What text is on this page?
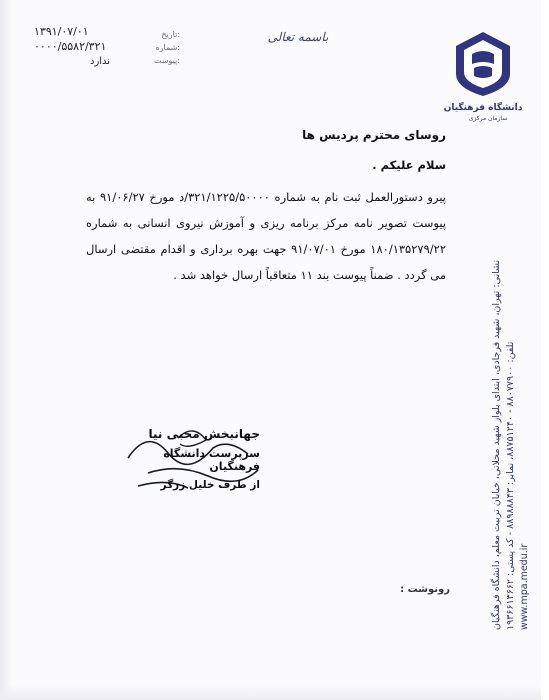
تاریخ:
شماره:
پیوست:
۱۳۹۱/۰۷/۰۱
۰۰۰۰/۵۵۸۲/۳۲۱
ندارد
باسمه تعالی
دانشگاه فرهنگیان
سازمان مرکزی
نشانی: تهران، شهید فرجادی، ابتدای بلوار شهید محلاتی، خیابان تربیت معلم، دانشگاه فرهنگیان تلفن: ۸۸۰۷۷۹۰۰ - ۸۸۷۵۱۲۴۰، نمابر: ۸۸۹۸۸۸۴۳ - کد پستی: ۱۹۳۶۶۱۳۶۶۲
www.mpa.medu.ir

روسای محترم پردیس ها

سلام علیکم .

پیرو دستورالعمل ثبت نام به شماره ۳۲۱/۱۲۲۵/۵۰۰۰۰/د مورخ ۹۱/۰۶/۲۷ به پیوست تصویر نامه مرکز برنامه ریزی و آموزش نیروی انسانی به شماره ۱۸۰/۱۳۵۲۷۹/۲۲ مورخ ۹۱/۰۷/۰۱ جهت بهره برداری و اقدام مقتضی ارسال می گردد . ضمناً پیوست بند ۱۱ متعاقباً ارسال خواهد شد .

جهانبخش محبی نیا
سرپرست دانشگاه فرهنگیان
از طرف خلیل زرگر
رونوشت :
